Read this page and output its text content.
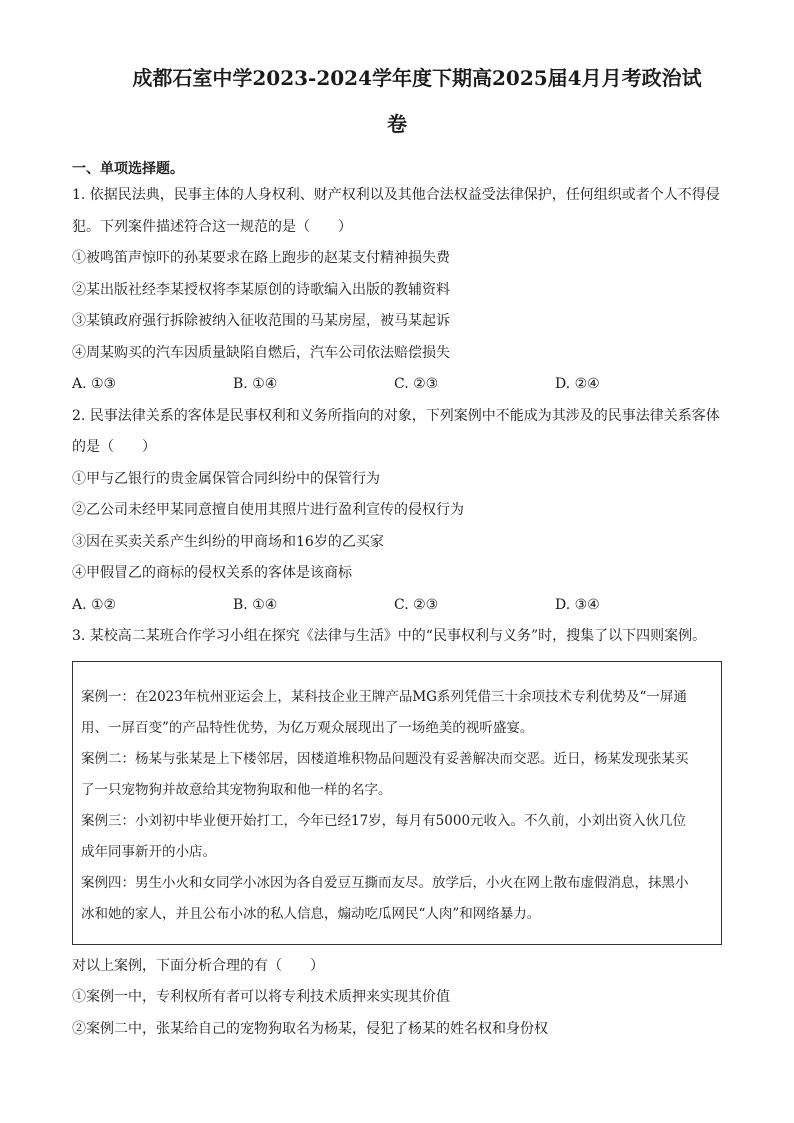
成都石室中学2023-2024学年度下期高2025届4月月考政治试
卷
一、单项选择题。
1. 依据民法典，民事主体的人身权利、财产权利以及其他合法权益受法律保护，任何组织或者个人不得侵
犯。下列案件描述符合这一规范的是（　　）
①被鸣笛声惊吓的孙某要求在路上跑步的赵某支付精神损失费
②某出版社经李某授权将李某原创的诗歌编入出版的教辅资料
③某镇政府强行拆除被纳入征收范围的马某房屋，被马某起诉
④周某购买的汽车因质量缺陷自燃后，汽车公司依法赔偿损失
A. ①③	B. ①④	C. ②③	D. ②④
2. 民事法律关系的客体是民事权利和义务所指向的对象，下列案例中不能成为其涉及的民事法律关系客体
的是（　　）
①甲与乙银行的贵金属保管合同纠纷中的保管行为
②乙公司未经甲某同意擅自使用其照片进行盈利宣传的侵权行为
③因在买卖关系产生纠纷的甲商场和16岁的乙买家
④甲假冒乙的商标的侵权关系的客体是该商标
A. ①②	B. ①④	C. ②③	D. ③④
3. 某校高二某班合作学习小组在探究《法律与生活》中的“民事权利与义务”时，搜集了以下四则案例。
案例一：在2023年杭州亚运会上，某科技企业王牌产品MG系列凭借三十余项技术专利优势及“一屏通
用、一屏百变”的产品特性优势，为亿万观众展现出了一场绝美的视听盛宴。
案例二：杨某与张某是上下楼邻居，因楼道堆积物品问题没有妥善解决而交恶。近日，杨某发现张某买
了一只宠物狗并故意给其宠物狗取和他一样的名字。
案例三：小刘初中毕业便开始打工，今年已经17岁，每月有5000元收入。不久前，小刘出资入伙几位
成年同事新开的小店。
案例四：男生小火和女同学小冰因为各自爱豆互撕而友尽。放学后，小火在网上散布虚假消息，抹黑小
冰和她的家人，并且公布小冰的私人信息，煽动吃瓜网民“人肉”和网络暴力。
对以上案例，下面分析合理的有（　　）
①案例一中，专利权所有者可以将专利技术质押来实现其价值
②案例二中，张某给自己的宠物狗取名为杨某，侵犯了杨某的姓名权和身份权
